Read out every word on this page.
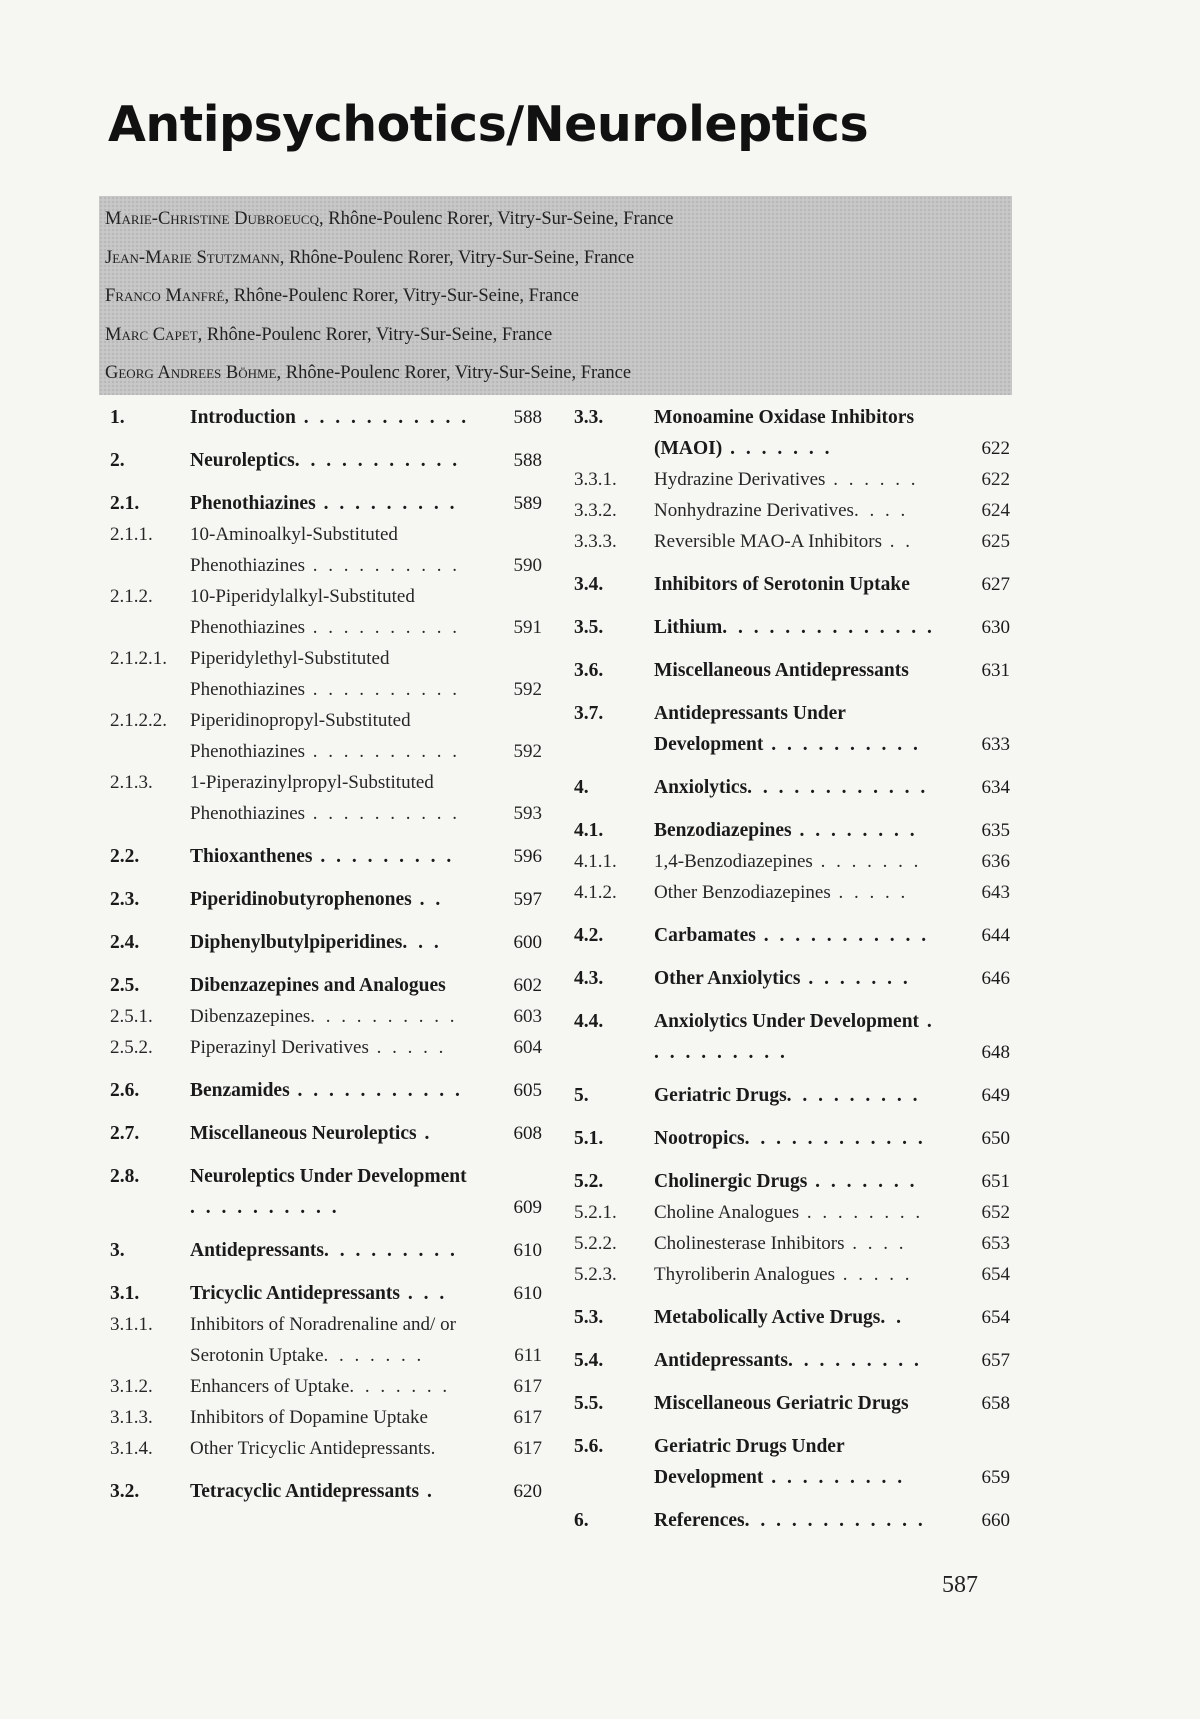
Antipsychotics/Neuroleptics
Marie-Christine Dubroeucq, Rhône-Poulenc Rorer, Vitry-Sur-Seine, France
Jean-Marie Stutzmann, Rhône-Poulenc Rorer, Vitry-Sur-Seine, France
Franco Manfré, Rhône-Poulenc Rorer, Vitry-Sur-Seine, France
Marc Capet, Rhône-Poulenc Rorer, Vitry-Sur-Seine, France
Georg Andrees Böhme, Rhône-Poulenc Rorer, Vitry-Sur-Seine, France
1.	Introduction . . . . . . . . . . .	588
2.	Neuroleptics. . . . . . . . . . .	588
2.1.	Phenothiazines . . . . . . . . .	589
2.1.1. 10-Aminoalkyl-Substituted Phenothiazines . . . . . . . . . .	590
2.1.2. 10-Piperidylalkyl-Substituted Phenothiazines . . . . . . . . . .	591
2.1.2.1. Piperidylethyl-Substituted Phenothiazines . . . . . . . . . .	592
2.1.2.2. Piperidinopropyl-Substituted Phenothiazines . . . . . . . . . .	592
2.1.3. 1-Piperazinylpropyl-Substituted Phenothiazines . . . . . . . . . .	593
2.2.	Thioxanthenes . . . . . . . . .	596
2.3.	Piperidinobutyrophenones . .	597
2.4.	Diphenylbutylpiperidines. . .	600
2.5.	Dibenzazepines and Analogues	602
2.5.1. Dibenzazepines. . . . . . . . . .	603
2.5.2. Piperazinyl Derivatives . . . . .	604
2.6.	Benzamides . . . . . . . . . . .	605
2.7.	Miscellaneous Neuroleptics .	608
2.8.	Neuroleptics Under Development . . . . . . . . . .	609
3.	Antidepressants. . . . . . . . .	610
3.1.	Tricyclic Antidepressants . . .	610
3.1.1. Inhibitors of Noradrenaline and/ or Serotonin Uptake. . . . . . .	611
3.1.2. Enhancers of Uptake. . . . . . .	617
3.1.3. Inhibitors of Dopamine Uptake	617
3.1.4. Other Tricyclic Antidepressants.	617
3.2.	Tetracyclic Antidepressants .	620
3.3.	Monoamine Oxidase Inhibitors (MAOI) . . . . . . .	622
3.3.1. Hydrazine Derivatives . . . . . .	622
3.3.2. Nonhydrazine Derivatives. . . .	624
3.3.3. Reversible MAO-A Inhibitors . .	625
3.4.	Inhibitors of Serotonin Uptake	627
3.5.	Lithium. . . . . . . . . . . . . .	630
3.6.	Miscellaneous Antidepressants	631
3.7.	Antidepressants Under Development . . . . . . . . . .	633
4.	Anxiolytics. . . . . . . . . . . .	634
4.1.	Benzodiazepines . . . . . . . .	635
4.1.1. 1,4-Benzodiazepines . . . . . . .	636
4.1.2. Other Benzodiazepines . . . . .	643
4.2.	Carbamates . . . . . . . . . . .	644
4.3.	Other Anxiolytics . . . . . . .	646
4.4.	Anxiolytics Under Development . . . . . . . . . .	648
5.	Geriatric Drugs. . . . . . . . .	649
5.1.	Nootropics. . . . . . . . . . . .	650
5.2.	Cholinergic Drugs . . . . . . .	651
5.2.1. Choline Analogues . . . . . . . .	652
5.2.2. Cholinesterase Inhibitors . . . .	653
5.2.3. Thyroliberin Analogues . . . . .	654
5.3.	Metabolically Active Drugs. .	654
5.4.	Antidepressants. . . . . . . . .	657
5.5.	Miscellaneous Geriatric Drugs	658
5.6.	Geriatric Drugs Under Development . . . . . . . . .	659
6.	References. . . . . . . . . . . .	660
587
